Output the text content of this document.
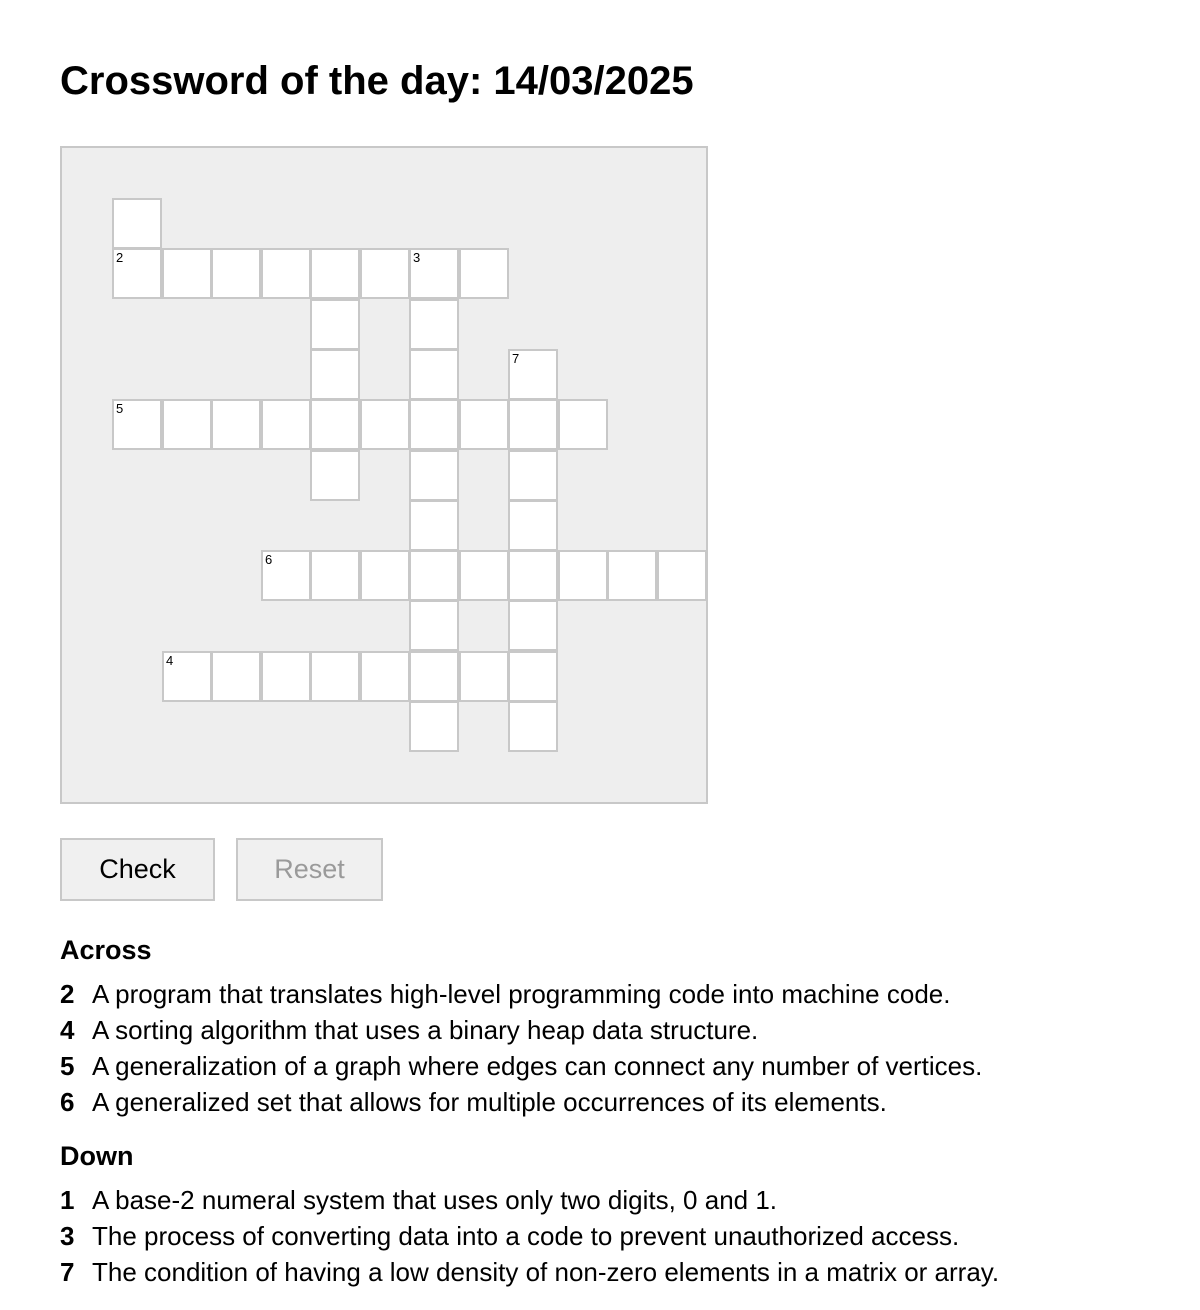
Crossword of the day: 14/03/2025
2	3
7
5
6
4
Check	Reset
Across
2 A program that translates high-level programming code into machine code.
4 A sorting algorithm that uses a binary heap data structure.
5 A generalization of a graph where edges can connect any number of vertices.
6 A generalized set that allows for multiple occurrences of its elements.
Down
1 A base-2 numeral system that uses only two digits, 0 and 1.
3 The process of converting data into a code to prevent unauthorized access.
7 The condition of having a low density of non-zero elements in a matrix or array.
